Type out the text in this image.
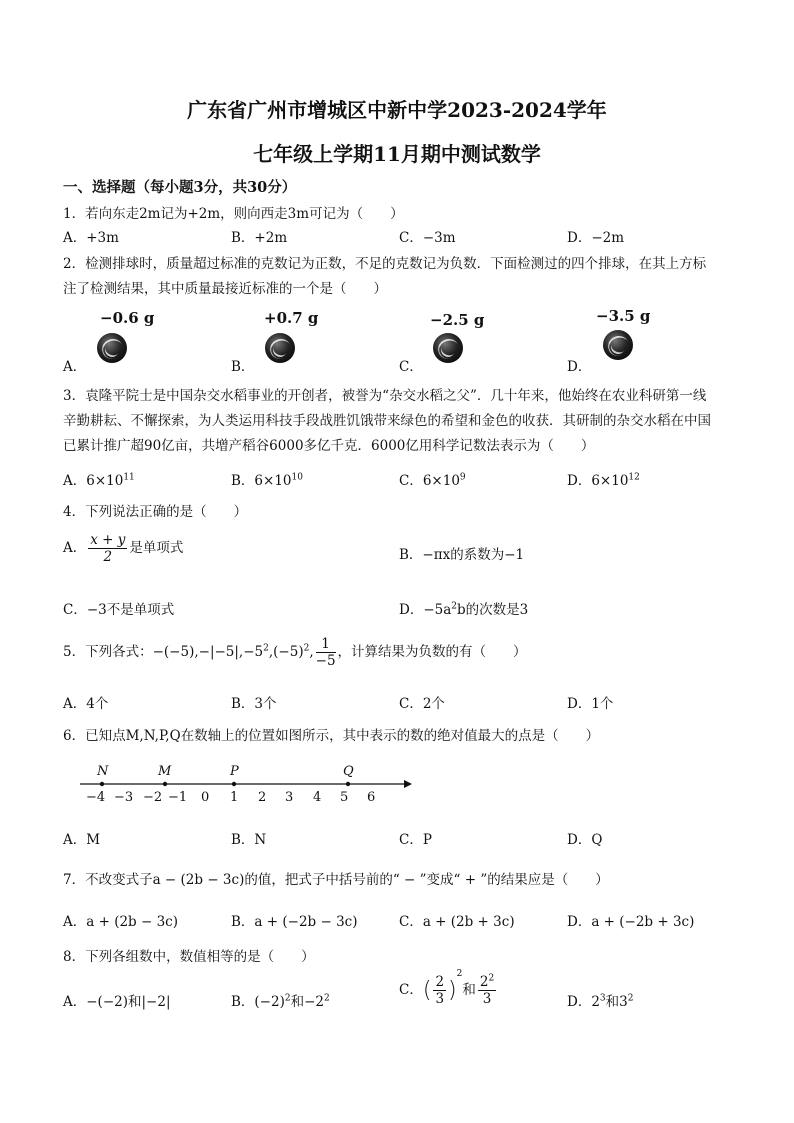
广东省广州市增城区中新中学2023-2024学年
七年级上学期11月期中测试数学
一、选择题（每小题3分，共30分）
1．若向东走2m记为+2m，则向西走3m可记为（　　）
A．+3m	B．+2m	C．−3m	D．−2m
2．检测排球时，质量超过标准的克数记为正数，不足的克数记为负数．下面检测过的四个排球，在其上方标
注了检测结果，其中质量最接近标准的一个是（　　）
−0.6 g
A．
+0.7 g
B．
−2.5 g
C．
−3.5 g
D．
3．袁隆平院士是中国杂交水稻事业的开创者，被誉为“杂交水稻之父”．几十年来，他始终在农业科研第一线
辛勤耕耘、不懈探索，为人类运用科技手段战胜饥饿带来绿色的希望和金色的收获．其研制的杂交水稻在中国
已累计推广超90亿亩，共增产稻谷6000多亿千克．6000亿用科学记数法表示为（　　）
A．$6\times 10^{11}$	B．$6\times 10^{10}$	C．$6\times 10^9$	D．$6\times 10^{12}$
4．下列说法正确的是（　　）
A． $\frac{x + y}{2}$ 是单项式	B．−πx的系数为−1
C．−3不是单项式	D．$-5a^2b$的次数是3
5．下列各式：$-(-5),-|-5|,-5^2,(-5)^2$, $\frac{1}{-5}$ ，计算结果为负数的有（　　）
A．4个	B．3个	C．2个	D．1个
6．已知点M,N,P,Q在数轴上的位置如图所示，其中表示的数的绝对值最大的点是（　　）
N	M	P	Q
−4 −3 −2 −1 0 1 2 3 4 5 6
A．M	B．N	C．P	D．Q
7．不改变式子a − (2b − 3c)的值，把式子中括号前的“ − ”变成“ + ”的结果应是（　　）
A．a + (2b − 3c)	B．a + (−2b − 3c)	C．a + (2b + 3c)	D．a + (−2b + 3c)
8．下列各组数中，数值相等的是（　　）
A．−(−2)和|−2|	B．$(-2)^2$和$-2^2$
C．( $\frac{2}{3} )^2$和 $\frac{2^2}{3}$	D．$2^3$和$3^2$
